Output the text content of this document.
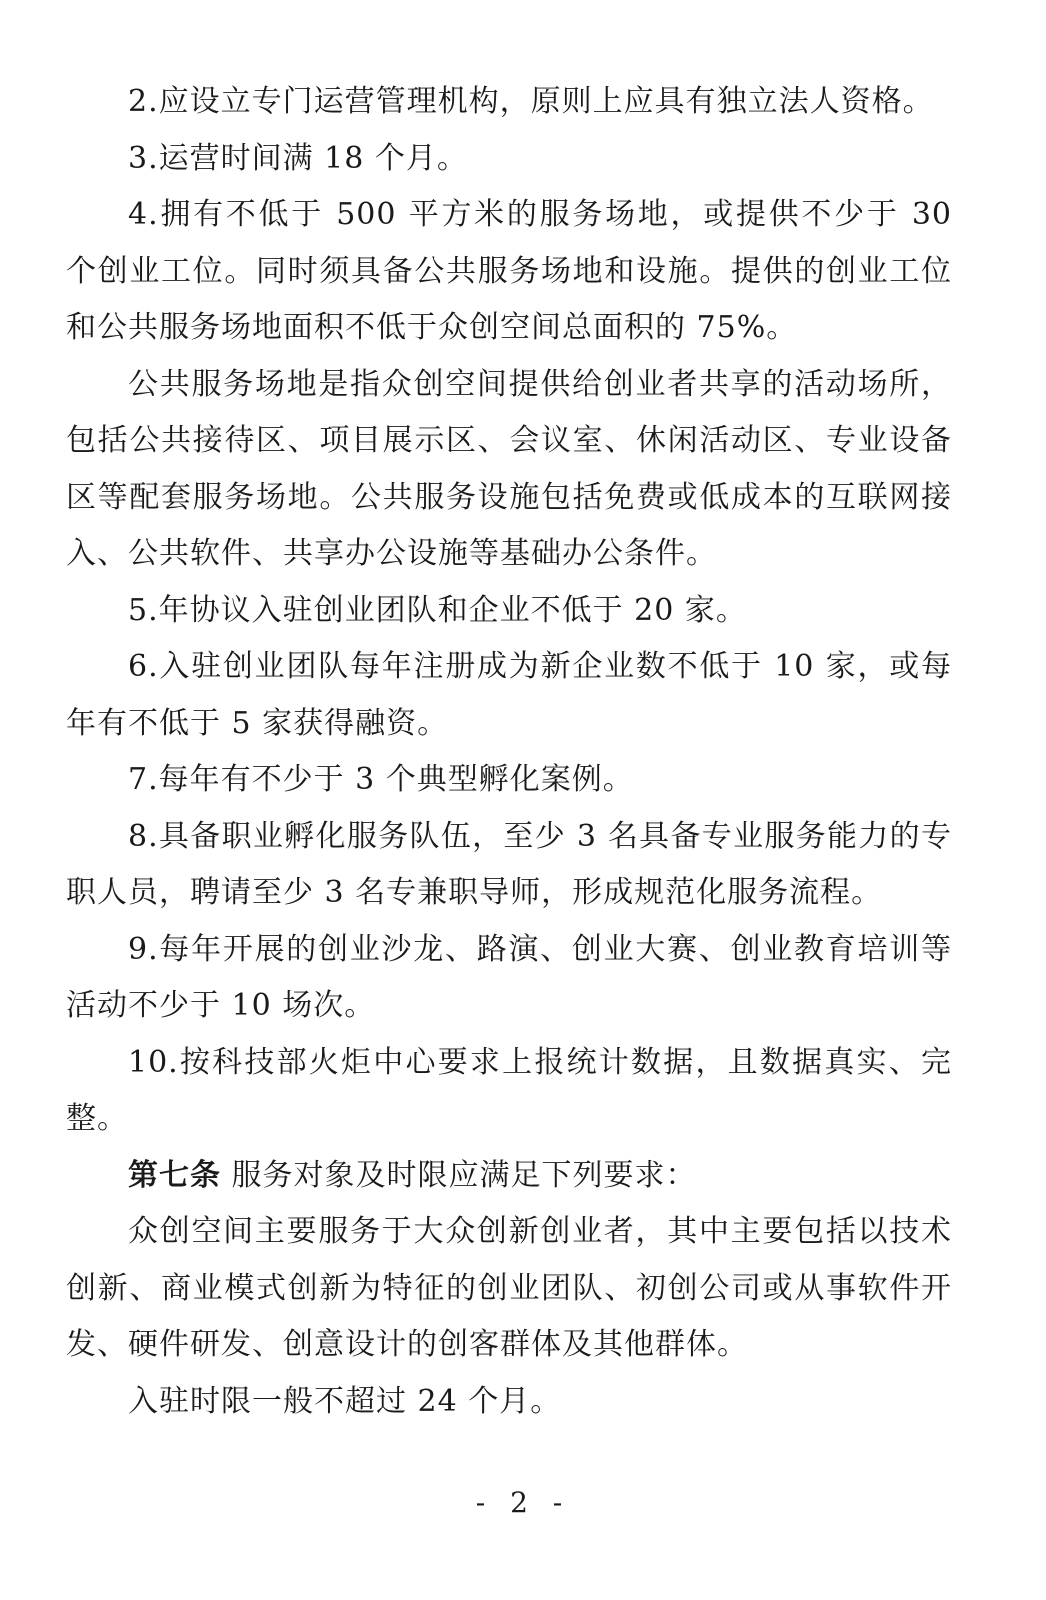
2.应设立专门运营管理机构，原则上应具有独立法人资格。

3.运营时间满 18 个月。

4.拥有不低于 500 平方米的服务场地，或提供不少于 30 个创业工位。同时须具备公共服务场地和设施。提供的创业工位和公共服务场地面积不低于众创空间总面积的 75%。

公共服务场地是指众创空间提供给创业者共享的活动场所，包括公共接待区、项目展示区、会议室、休闲活动区、专业设备区等配套服务场地。公共服务设施包括免费或低成本的互联网接入、公共软件、共享办公设施等基础办公条件。

5.年协议入驻创业团队和企业不低于 20 家。

6.入驻创业团队每年注册成为新企业数不低于 10 家，或每年有不低于 5 家获得融资。

7.每年有不少于 3 个典型孵化案例。

8.具备职业孵化服务队伍，至少 3 名具备专业服务能力的专职人员，聘请至少 3 名专兼职导师，形成规范化服务流程。

9.每年开展的创业沙龙、路演、创业大赛、创业教育培训等活动不少于 10 场次。

10.按科技部火炬中心要求上报统计数据，且数据真实、完整。

第七条 服务对象及时限应满足下列要求：

众创空间主要服务于大众创新创业者，其中主要包括以技术创新、商业模式创新为特征的创业团队、初创公司或从事软件开发、硬件研发、创意设计的创客群体及其他群体。

入驻时限一般不超过 24 个月。

- 2 -
